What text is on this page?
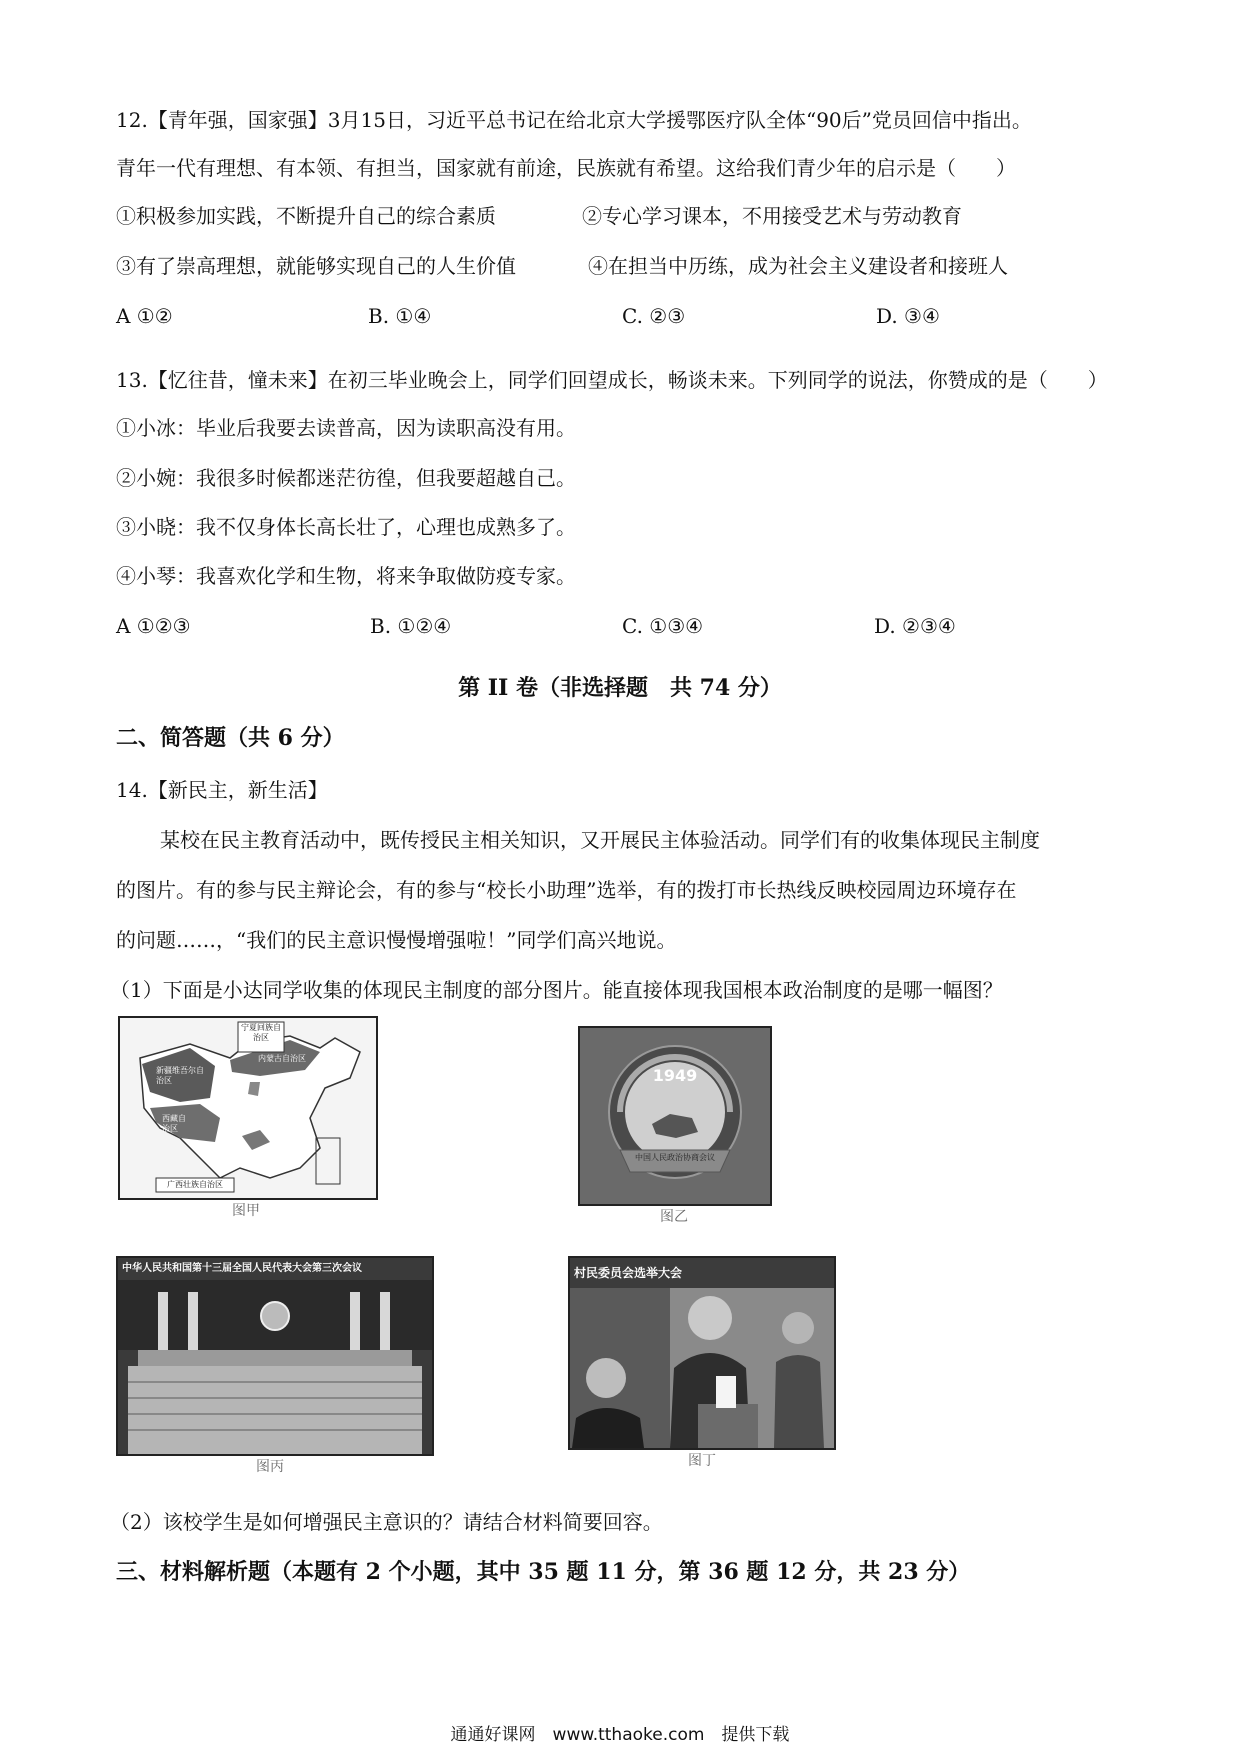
12.【青年强，国家强】3月15日，习近平总书记在给北京大学援鄂医疗队全体“90后”党员回信中指出。
青年一代有理想、有本领、有担当，国家就有前途，民族就有希望。这给我们青少年的启示是（　　）
①积极参加实践，不断提升自己的综合素质	②专心学习课本，不用接受艺术与劳动教育
③有了崇高理想，就能够实现自己的人生价值	④在担当中历练，成为社会主义建设者和接班人
A ①②	B. ①④	C. ②③	D. ③④
13.【忆往昔，憧未来】在初三毕业晚会上，同学们回望成长，畅谈未来。下列同学的说法，你赞成的是（　　）
①小冰：毕业后我要去读普高，因为读职高没有用。
②小婉：我很多时候都迷茫彷徨，但我要超越自己。
③小晓：我不仅身体长高长壮了，心理也成熟多了。
④小琴：我喜欢化学和生物，将来争取做防疫专家。
A ①②③	B. ①②④	C. ①③④	D. ②③④
第 II 卷（非选择题　共 74 分）
二、简答题（共 6 分）
14.【新民主，新生活】
某校在民主教育活动中，既传授民主相关知识，又开展民主体验活动。同学们有的收集体现民主制度
的图片。有的参与民主辩论会，有的参与“校长小助理”选举，有的拨打市长热线反映校园周边环境存在
的问题……，“我们的民主意识慢慢增强啦！”同学们高兴地说。
（1）下面是小达同学收集的体现民主制度的部分图片。能直接体现我国根本政治制度的是哪一幅图？
宁夏回族自治区
新疆维吾尔自治区
西藏自治区
内蒙古自治区
广西壮族自治区
图甲
1949
中国人民政治协商会议
图乙
中华人民共和国第十三届全国人民代表大会第三次会议
图丙
村民委员会选举大会
图丁
（2）该校学生是如何增强民主意识的？请结合材料简要回容。
三、材料解析题（本题有 2 个小题，其中 35 题 11 分，第 36 题 12 分，共 23 分）
通通好课网　www.tthaoke.com　提供下载
